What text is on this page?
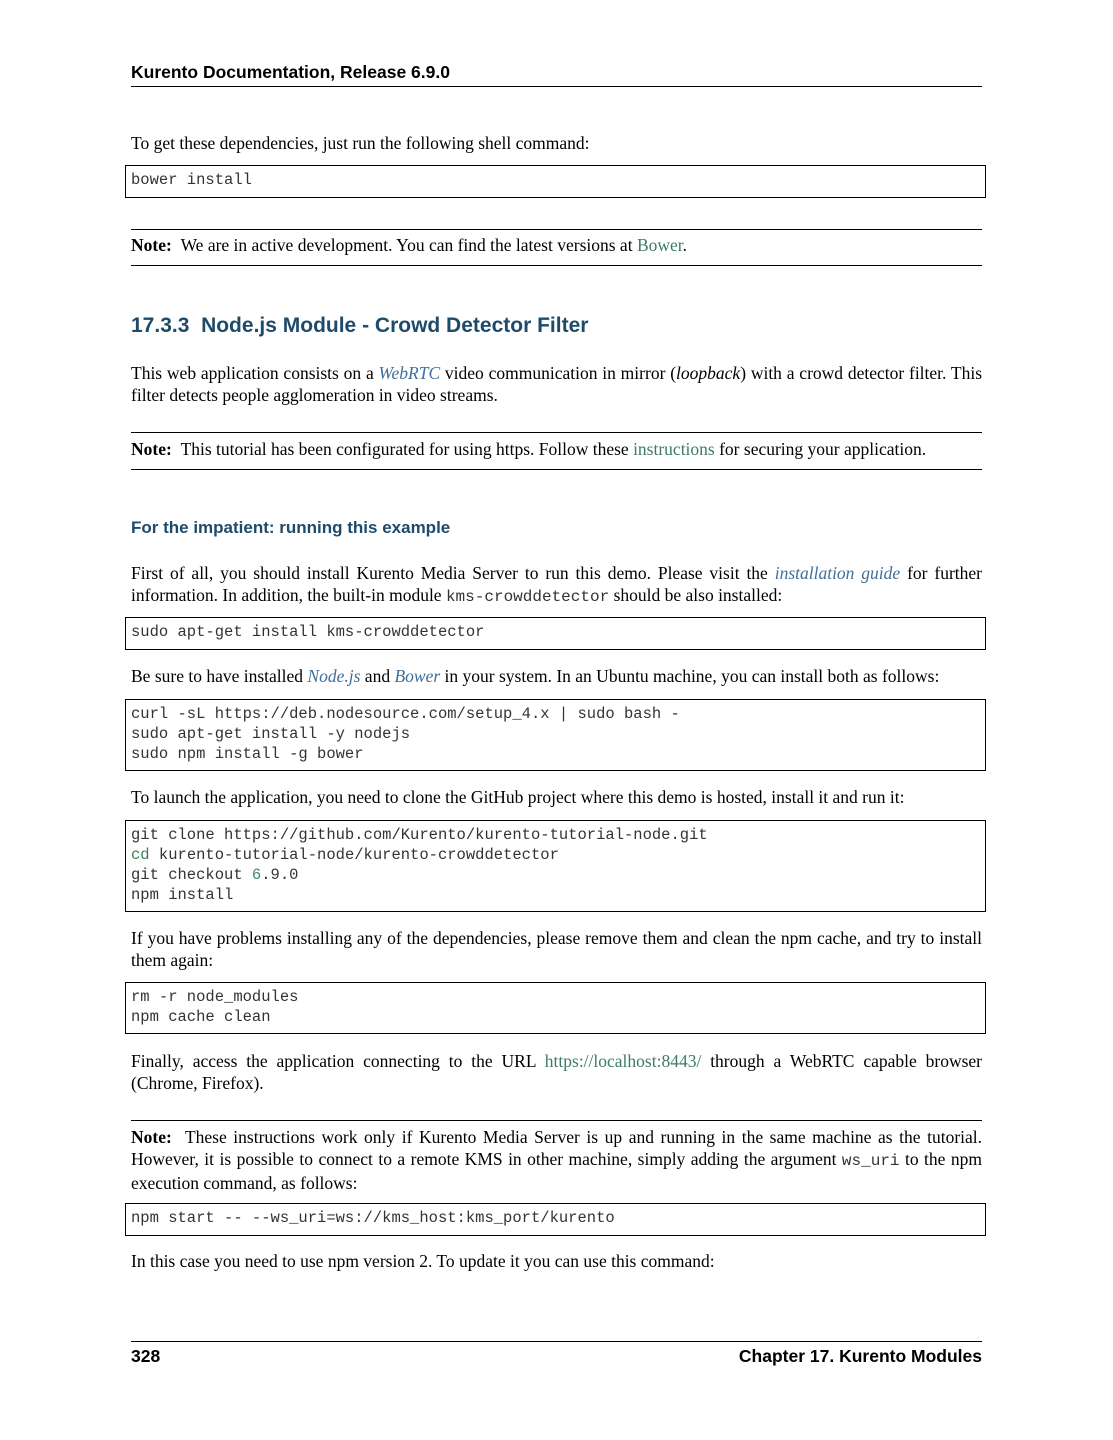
Kurento Documentation, Release 6.9.0
To get these dependencies, just run the following shell command:
bower install
Note: We are in active development. You can find the latest versions at Bower.
17.3.3 Node.js Module - Crowd Detector Filter
This web application consists on a WebRTC video communication in mirror (loopback) with a crowd detector filter. This filter detects people agglomeration in video streams.
Note: This tutorial has been configurated for using https. Follow these instructions for securing your application.
For the impatient: running this example
First of all, you should install Kurento Media Server to run this demo. Please visit the installation guide for further information. In addition, the built-in module kms-crowddetector should be also installed:
sudo apt-get install kms-crowddetector
Be sure to have installed Node.js and Bower in your system. In an Ubuntu machine, you can install both as follows:
curl -sL https://deb.nodesource.com/setup_4.x | sudo bash -
sudo apt-get install -y nodejs
sudo npm install -g bower
To launch the application, you need to clone the GitHub project where this demo is hosted, install it and run it:
git clone https://github.com/Kurento/kurento-tutorial-node.git
cd kurento-tutorial-node/kurento-crowddetector
git checkout 6.9.0
npm install
If you have problems installing any of the dependencies, please remove them and clean the npm cache, and try to install them again:
rm -r node_modules
npm cache clean
Finally, access the application connecting to the URL https://localhost:8443/ through a WebRTC capable browser (Chrome, Firefox).
Note: These instructions work only if Kurento Media Server is up and running in the same machine as the tutorial. However, it is possible to connect to a remote KMS in other machine, simply adding the argument ws_uri to the npm execution command, as follows:
npm start -- --ws_uri=ws://kms_host:kms_port/kurento
In this case you need to use npm version 2. To update it you can use this command:
328	Chapter 17. Kurento Modules
